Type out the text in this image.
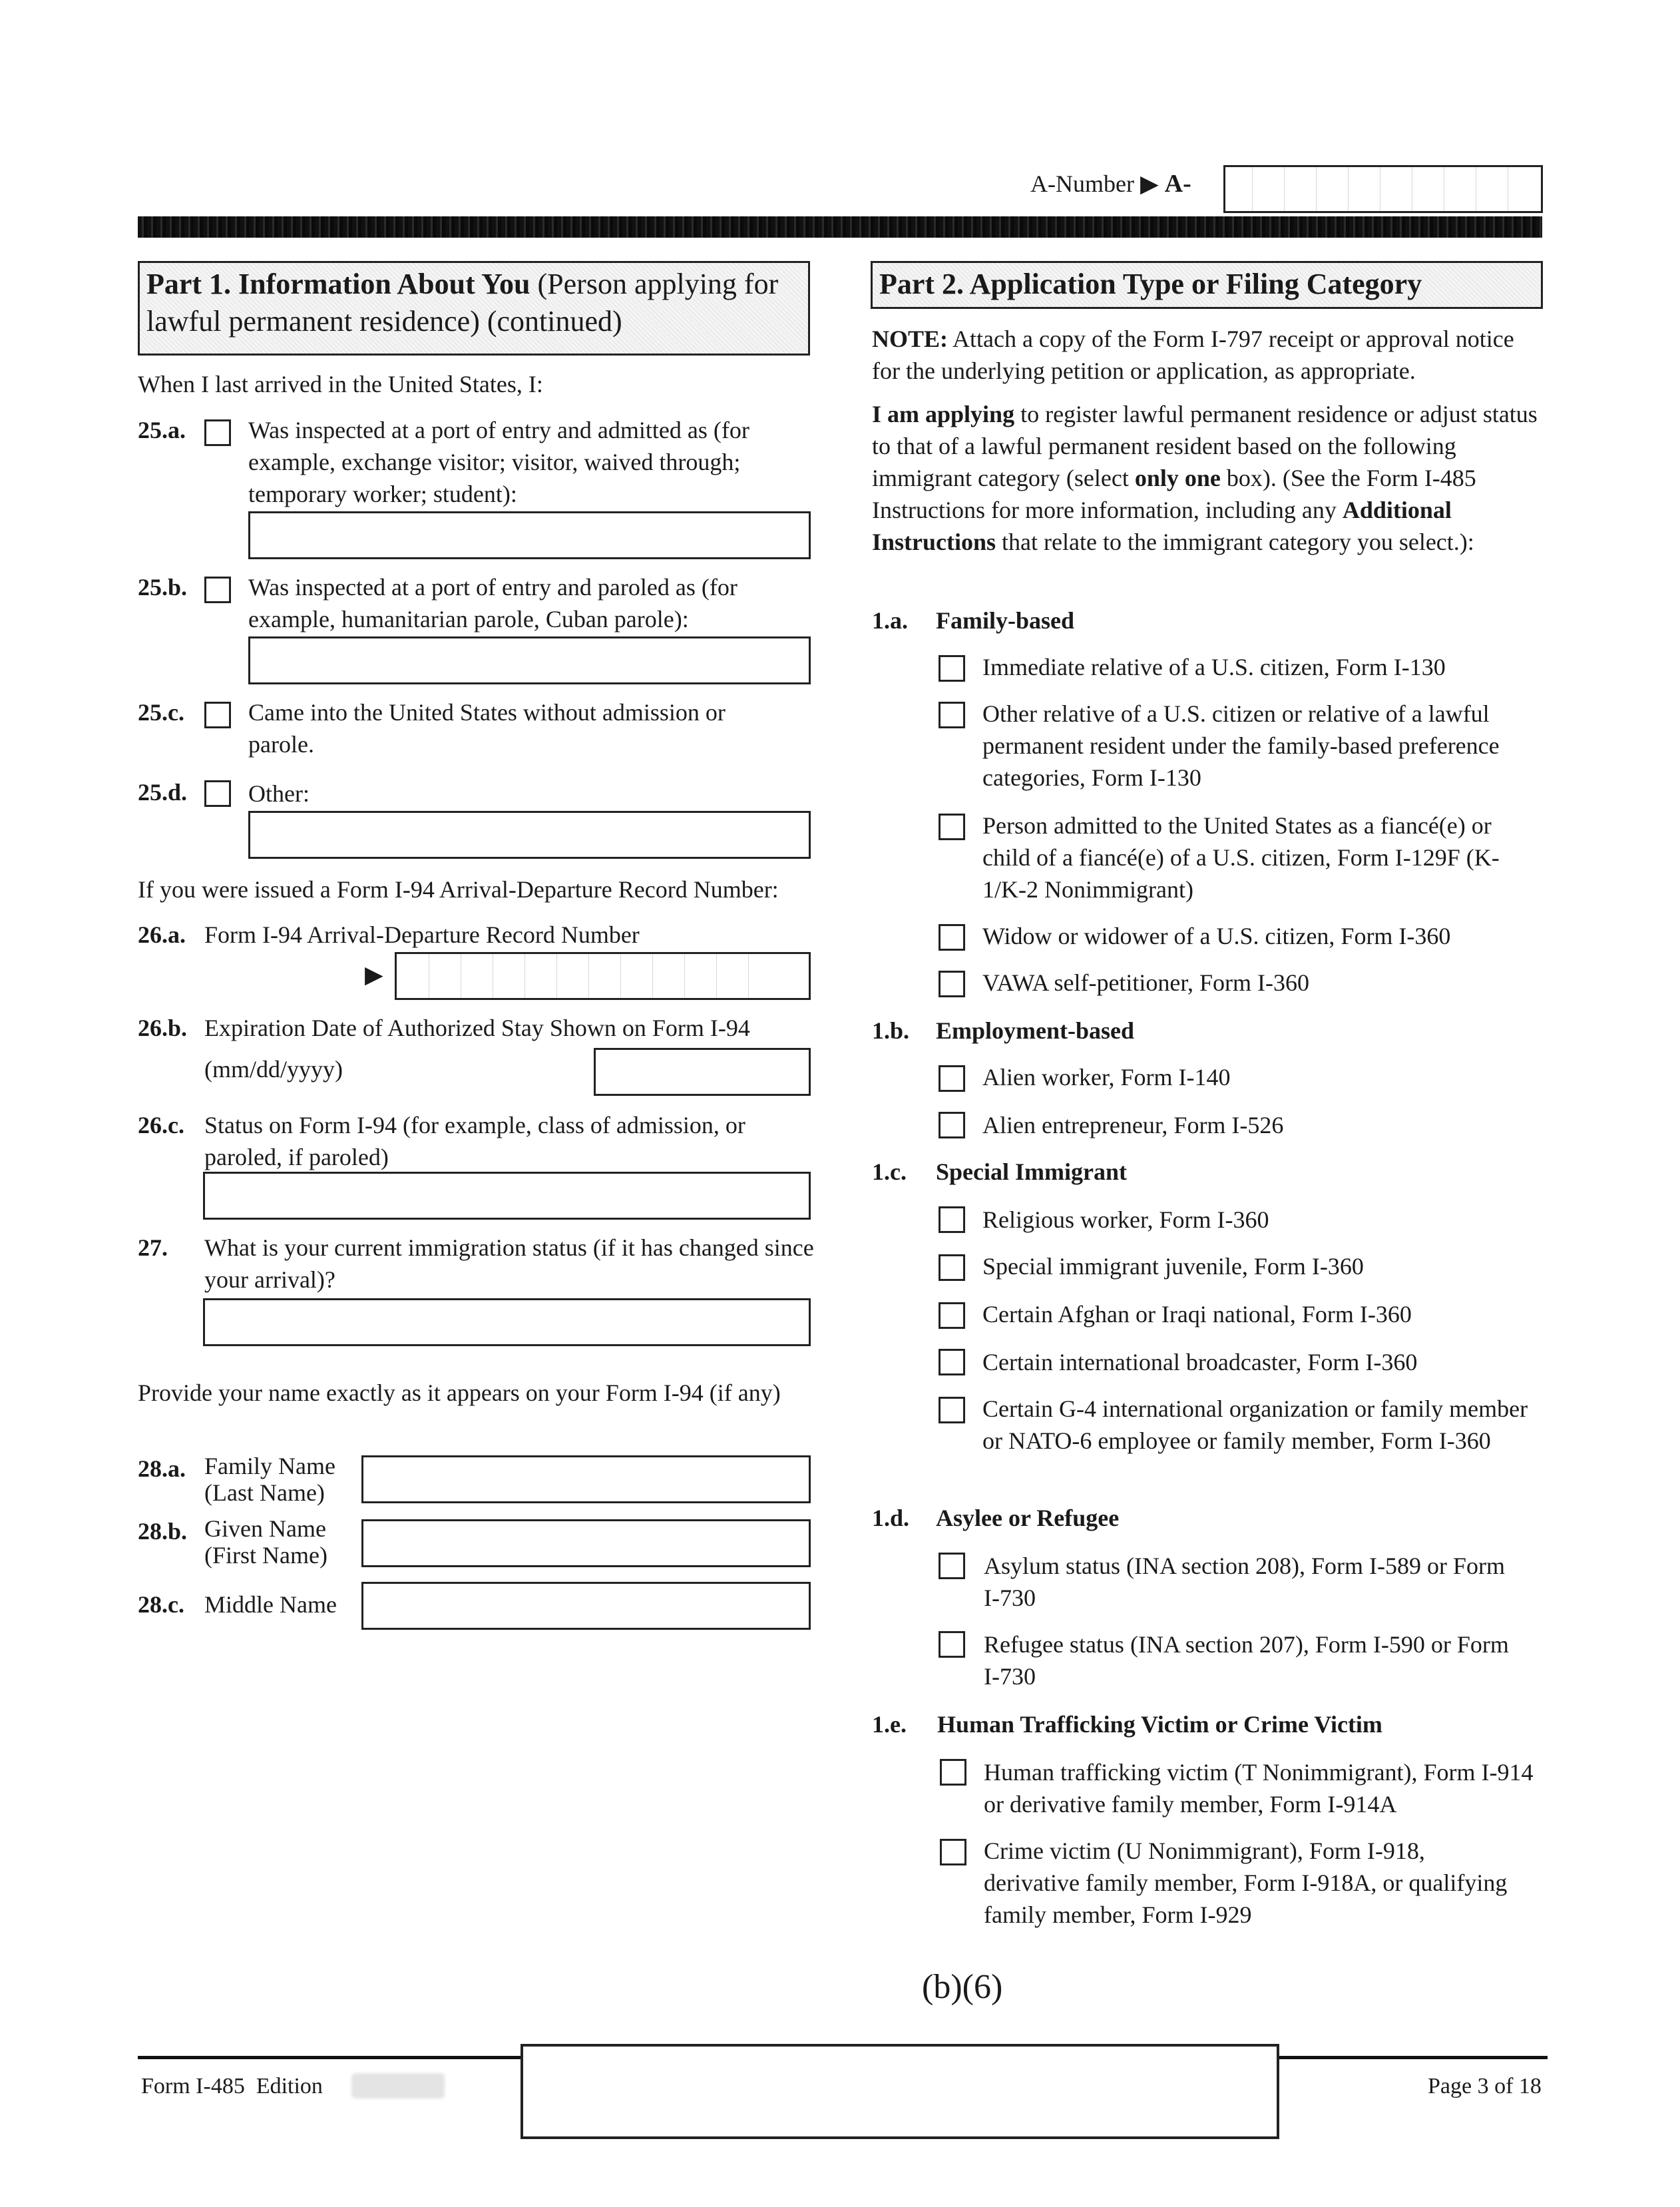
A-Number ▶ A-
Part 1. Information About You (Person applying for lawful permanent residence) (continued)
When I last arrived in the United States, I:
25.a.	Was inspected at a port of entry and admitted as (for example, exchange visitor; visitor, waived through; temporary worker; student):
25.b.	Was inspected at a port of entry and paroled as (for example, humanitarian parole, Cuban parole):
25.c.	Came into the United States without admission or parole.
25.d.	Other:
If you were issued a Form I-94 Arrival-Departure Record Number:
26.a. Form I-94 Arrival-Departure Record Number
▶
26.b. Expiration Date of Authorized Stay Shown on Form I-94
(mm/dd/yyyy)
26.c. Status on Form I-94 (for example, class of admission, or paroled, if paroled)
27. What is your current immigration status (if it has changed since your arrival)?
Provide your name exactly as it appears on your Form I-94 (if any)
28.a. Family Name (Last Name)
28.b. Given Name (First Name)
28.c. Middle Name
Part 2. Application Type or Filing Category
NOTE: Attach a copy of the Form I-797 receipt or approval notice for the underlying petition or application, as appropriate.
I am applying to register lawful permanent residence or adjust status to that of a lawful permanent resident based on the following immigrant category (select only one box). (See the Form I-485 Instructions for more information, including any Additional Instructions that relate to the immigrant category you select.):
1.a. Family-based
Immediate relative of a U.S. citizen, Form I-130
Other relative of a U.S. citizen or relative of a lawful permanent resident under the family-based preference categories, Form I-130
Person admitted to the United States as a fiancé(e) or child of a fiancé(e) of a U.S. citizen, Form I-129F (K-1/K-2 Nonimmigrant)
Widow or widower of a U.S. citizen, Form I-360
VAWA self-petitioner, Form I-360
1.b. Employment-based
Alien worker, Form I-140
Alien entrepreneur, Form I-526
1.c. Special Immigrant
Religious worker, Form I-360
Special immigrant juvenile, Form I-360
Certain Afghan or Iraqi national, Form I-360
Certain international broadcaster, Form I-360
Certain G-4 international organization or family member or NATO-6 employee or family member, Form I-360
1.d. Asylee or Refugee
Asylum status (INA section 208), Form I-589 or Form I-730
Refugee status (INA section 207), Form I-590 or Form I-730
1.e. Human Trafficking Victim or Crime Victim
Human trafficking victim (T Nonimmigrant), Form I-914 or derivative family member, Form I-914A
Crime victim (U Nonimmigrant), Form I-918, derivative family member, Form I-918A, or qualifying family member, Form I-929
(b)(6)
Form I-485  Edition	Page 3 of 18
